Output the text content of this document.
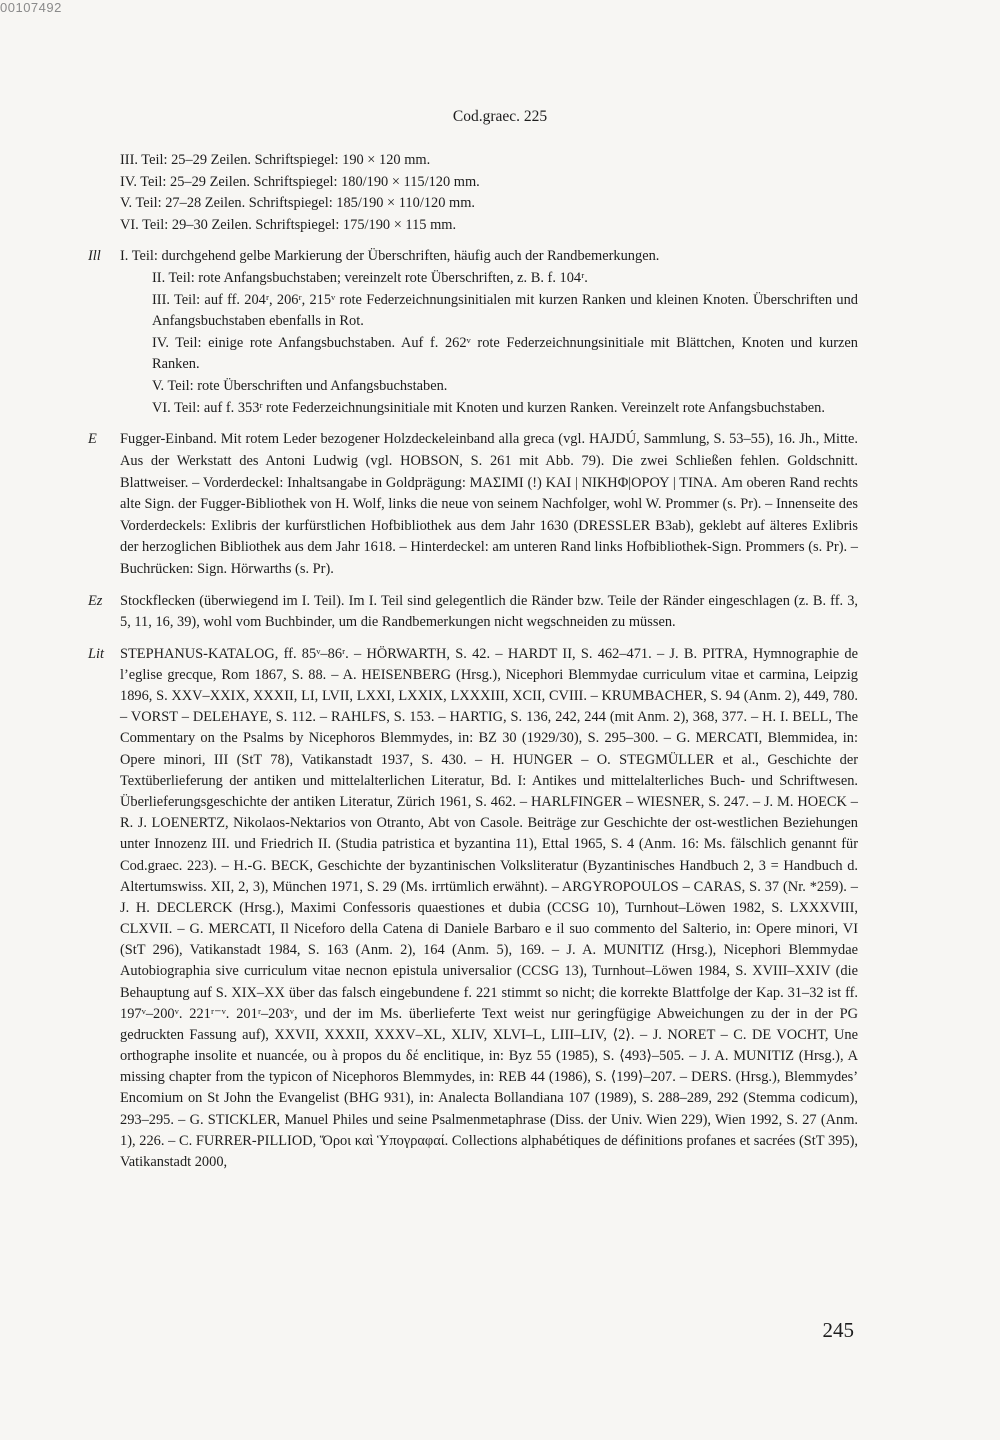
00107492
Cod.graec. 225

III. Teil: 25–29 Zeilen. Schriftspiegel: 190 × 120 mm.

IV. Teil: 25–29 Zeilen. Schriftspiegel: 180/190 × 115/120 mm.

V. Teil: 27–28 Zeilen. Schriftspiegel: 185/190 × 110/120 mm.

VI. Teil: 29–30 Zeilen. Schriftspiegel: 175/190 × 115 mm.

Ill	I. Teil: durchgehend gelbe Markierung der Überschriften, häufig auch der Randbemerkungen.

II. Teil: rote Anfangsbuchstaben; vereinzelt rote Überschriften, z. B. f. 104ʳ.

III. Teil: auf ff. 204ʳ, 206ʳ, 215ᵛ rote Federzeichnungsinitialen mit kurzen Ranken und kleinen Knoten. Überschriften und Anfangsbuchstaben ebenfalls in Rot.

IV. Teil: einige rote Anfangsbuchstaben. Auf f. 262ᵛ rote Federzeichnungsinitiale mit Blättchen, Knoten und kurzen Ranken.

V. Teil: rote Überschriften und Anfangsbuchstaben.

VI. Teil: auf f. 353ʳ rote Federzeichnungsinitiale mit Knoten und kurzen Ranken. Vereinzelt rote Anfangsbuchstaben.

E	Fugger-Einband. Mit rotem Leder bezogener Holzdeckeleinband alla greca (vgl. HAJDÚ, Sammlung, S. 53–55), 16. Jh., Mitte. Aus der Werkstatt des Antoni Ludwig (vgl. HOBSON, S. 261 mit Abb. 79). Die zwei Schließen fehlen. Goldschnitt. Blattweiser. – Vorderdeckel: Inhaltsangabe in Goldprägung: ΜΑΣΙΜΙ (!) ΚΑΙ | ΝΙΚΗΦ|ΟΡΟΥ | ΤΙΝΑ. Am oberen Rand rechts alte Sign. der Fugger-Bibliothek von H. Wolf, links die neue von seinem Nachfolger, wohl W. Prommer (s. Pr). – Innenseite des Vorderdeckels: Exlibris der kurfürstlichen Hofbibliothek aus dem Jahr 1630 (DRESSLER B3ab), geklebt auf älteres Exlibris der herzoglichen Bibliothek aus dem Jahr 1618. – Hinterdeckel: am unteren Rand links Hofbibliothek-Sign. Prommers (s. Pr). – Buchrücken: Sign. Hörwarths (s. Pr).
Ez	Stockflecken (überwiegend im I. Teil). Im I. Teil sind gelegentlich die Ränder bzw. Teile der Ränder eingeschlagen (z. B. ff. 3, 5, 11, 16, 39), wohl vom Buchbinder, um die Randbemerkungen nicht wegschneiden zu müssen.
Lit	STEPHANUS-KATALOG, ff. 85ᵛ–86ʳ. – HÖRWARTH, S. 42. – HARDT II, S. 462–471. – J. B. PITRA, Hymnographie de l’eglise grecque, Rom 1867, S. 88. – A. HEISENBERG (Hrsg.), Nicephori Blemmydae curriculum vitae et carmina, Leipzig 1896, S. XXV–XXIX, XXXII, LI, LVII, LXXI, LXXIX, LXXXIII, XCII, CVIII. – KRUMBACHER, S. 94 (Anm. 2), 449, 780. – VORST – DELEHAYE, S. 112. – RAHLFS, S. 153. – HARTIG, S. 136, 242, 244 (mit Anm. 2), 368, 377. – H. I. BELL, The Commentary on the Psalms by Nicephoros Blemmydes, in: BZ 30 (1929/30), S. 295–300. – G. MERCATI, Blemmidea, in: Opere minori, III (StT 78), Vatikanstadt 1937, S. 430. – H. HUNGER – O. STEGMÜLLER et al., Geschichte der Textüberlieferung der antiken und mittelalterlichen Literatur, Bd. I: Antikes und mittelalterliches Buch- und Schriftwesen. Überlieferungsgeschichte der antiken Literatur, Zürich 1961, S. 462. – HARLFINGER – WIESNER, S. 247. – J. M. HOECK – R. J. LOENERTZ, Nikolaos-Nektarios von Otranto, Abt von Casole. Beiträge zur Geschichte der ost-westlichen Beziehungen unter Innozenz III. und Friedrich II. (Studia patristica et byzantina 11), Ettal 1965, S. 4 (Anm. 16: Ms. fälschlich genannt für Cod.graec. 223). – H.-G. BECK, Geschichte der byzantinischen Volksliteratur (Byzantinisches Handbuch 2, 3 = Handbuch d. Altertumswiss. XII, 2, 3), München 1971, S. 29 (Ms. irrtümlich erwähnt). – ARGYROPOULOS – CARAS, S. 37 (Nr. *259). – J. H. DECLERCK (Hrsg.), Maximi Confessoris quaestiones et dubia (CCSG 10), Turnhout–Löwen 1982, S. LXXXVIII, CLXVII. – G. MERCATI, Il Niceforo della Catena di Daniele Barbaro e il suo commento del Salterio, in: Opere minori, VI (StT 296), Vatikanstadt 1984, S. 163 (Anm. 2), 164 (Anm. 5), 169. – J. A. MUNITIZ (Hrsg.), Nicephori Blemmydae Autobiographia sive curriculum vitae necnon epistula universalior (CCSG 13), Turnhout–Löwen 1984, S. XVIII–XXIV (die Behauptung auf S. XIX–XX über das falsch eingebundene f. 221 stimmt so nicht; die korrekte Blattfolge der Kap. 31–32 ist ff. 197ᵛ–200ᵛ. 221ʳ⁻ᵛ. 201ʳ–203ᵛ, und der im Ms. überlieferte Text weist nur geringfügige Abweichungen zu der in der PG gedruckten Fassung auf), XXVII, XXXII, XXXV–XL, XLIV, XLVI–L, LIII–LIV, ⟨2⟩. – J. NORET – C. DE VOCHT, Une orthographe insolite et nuancée, ou à propos du δέ enclitique, in: Byz 55 (1985), S. ⟨493⟩–505. – J. A. MUNITIZ (Hrsg.), A missing chapter from the typicon of Nicephoros Blemmydes, in: REB 44 (1986), S. ⟨199⟩–207. – DERS. (Hrsg.), Blemmydes’ Encomium on St John the Evangelist (BHG 931), in: Analecta Bollandiana 107 (1989), S. 288–289, 292 (Stemma codicum), 293–295. – G. STICKLER, Manuel Philes und seine Psalmenmetaphrase (Diss. der Univ. Wien 229), Wien 1992, S. 27 (Anm. 1), 226. – C. FURRER-PILLIOD, Ὅροι καὶ Ὑπογραφαί. Collections alphabétiques de définitions profanes et sacrées (StT 395), Vatikanstadt 2000,
245
